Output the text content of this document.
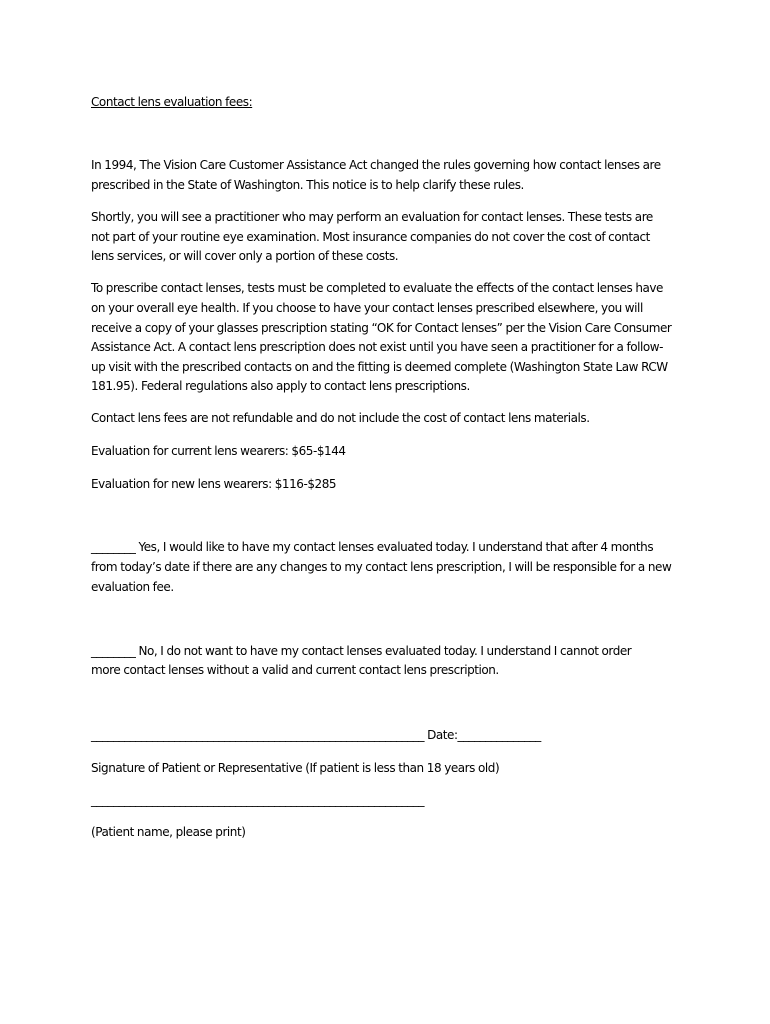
Contact lens evaluation fees:
In 1994, The Vision Care Customer Assistance Act changed the rules governing how contact lenses are
prescribed in the State of Washington. This notice is to help clarify these rules.
Shortly, you will see a practitioner who may perform an evaluation for contact lenses. These tests are
not part of your routine eye examination. Most insurance companies do not cover the cost of contact
lens services, or will cover only a portion of these costs.
To prescribe contact lenses, tests must be completed to evaluate the effects of the contact lenses have
on your overall eye health. If you choose to have your contact lenses prescribed elsewhere, you will
receive a copy of your glasses prescription stating “OK for Contact lenses” per the Vision Care Consumer
Assistance Act. A contact lens prescription does not exist until you have seen a practitioner for a follow-
up visit with the prescribed contacts on and the fitting is deemed complete (Washington State Law RCW
181.95). Federal regulations also apply to contact lens prescriptions.
Contact lens fees are not refundable and do not include the cost of contact lens materials.
Evaluation for current lens wearers: $65-$144
Evaluation for new lens wearers: $116-$285
________ Yes, I would like to have my contact lenses evaluated today. I understand that after 4 months
from today’s date if there are any changes to my contact lens prescription, I will be responsible for a new
evaluation fee.
________ No, I do not want to have my contact lenses evaluated today. I understand I cannot order
more contact lenses without a valid and current contact lens prescription.
____________________________________________________________ Date:_______________
Signature of Patient or Representative (If patient is less than 18 years old)
____________________________________________________________
(Patient name, please print)
